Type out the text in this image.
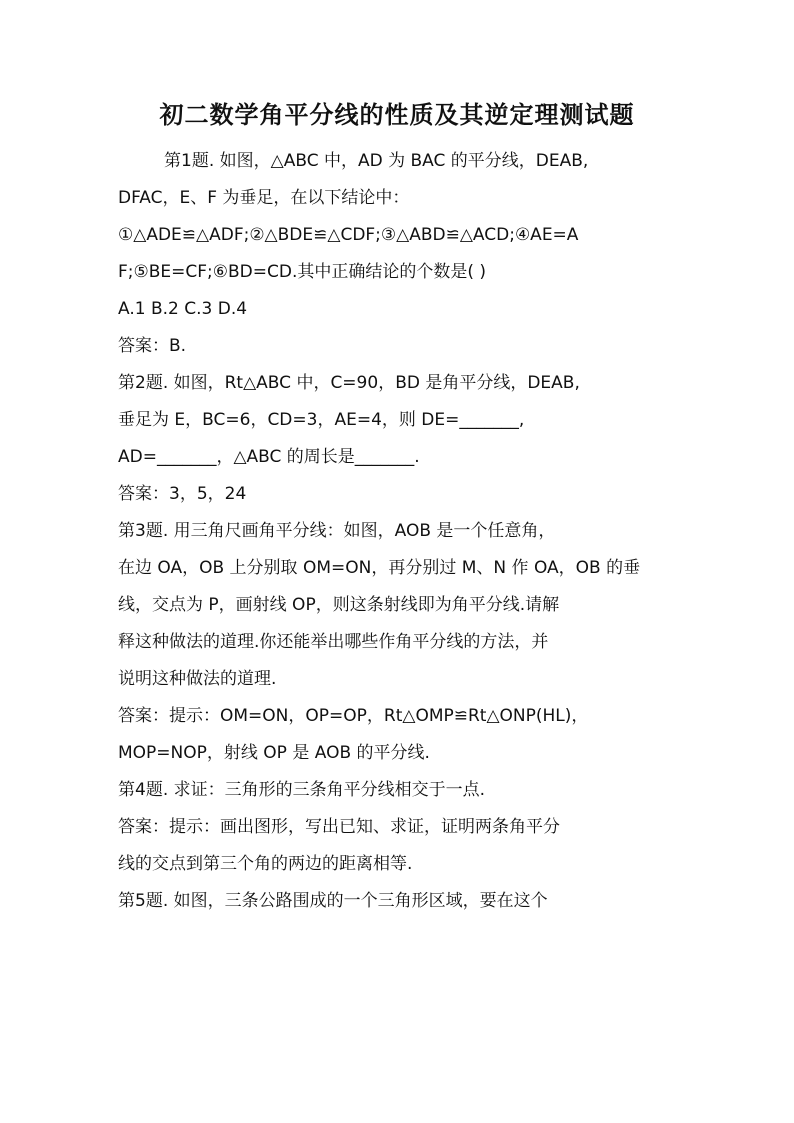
初二数学角平分线的性质及其逆定理测试题
第1题. 如图，△ABC 中，AD 为 BAC 的平分线，DEAB,
DFAC，E、F 为垂足，在以下结论中：
①△ADE≌△ADF;②△BDE≌△CDF;③△ABD≌△ACD;④AE=A
F;⑤BE=CF;⑥BD=CD.其中正确结论的个数是( )
A.1 B.2 C.3 D.4
答案：B.
第2题. 如图，Rt△ABC 中，C=90，BD 是角平分线，DEAB,
垂足为 E，BC=6，CD=3，AE=4，则 DE=_______,
AD=_______，△ABC 的周长是_______.
答案：3，5，24
第3题. 用三角尺画角平分线：如图，AOB 是一个任意角，
在边 OA，OB 上分别取 OM=ON，再分别过 M、N 作 OA，OB 的垂
线，交点为 P，画射线 OP，则这条射线即为角平分线.请解
释这种做法的道理.你还能举出哪些作角平分线的方法，并
说明这种做法的道理.
答案：提示：OM=ON，OP=OP，Rt△OMP≌Rt△ONP(HL)，
MOP=NOP，射线 OP 是 AOB 的平分线.
第4题. 求证：三角形的三条角平分线相交于一点.
答案：提示：画出图形，写出已知、求证，证明两条角平分
线的交点到第三个角的两边的距离相等.
第5题. 如图，三条公路围成的一个三角形区域，要在这个
